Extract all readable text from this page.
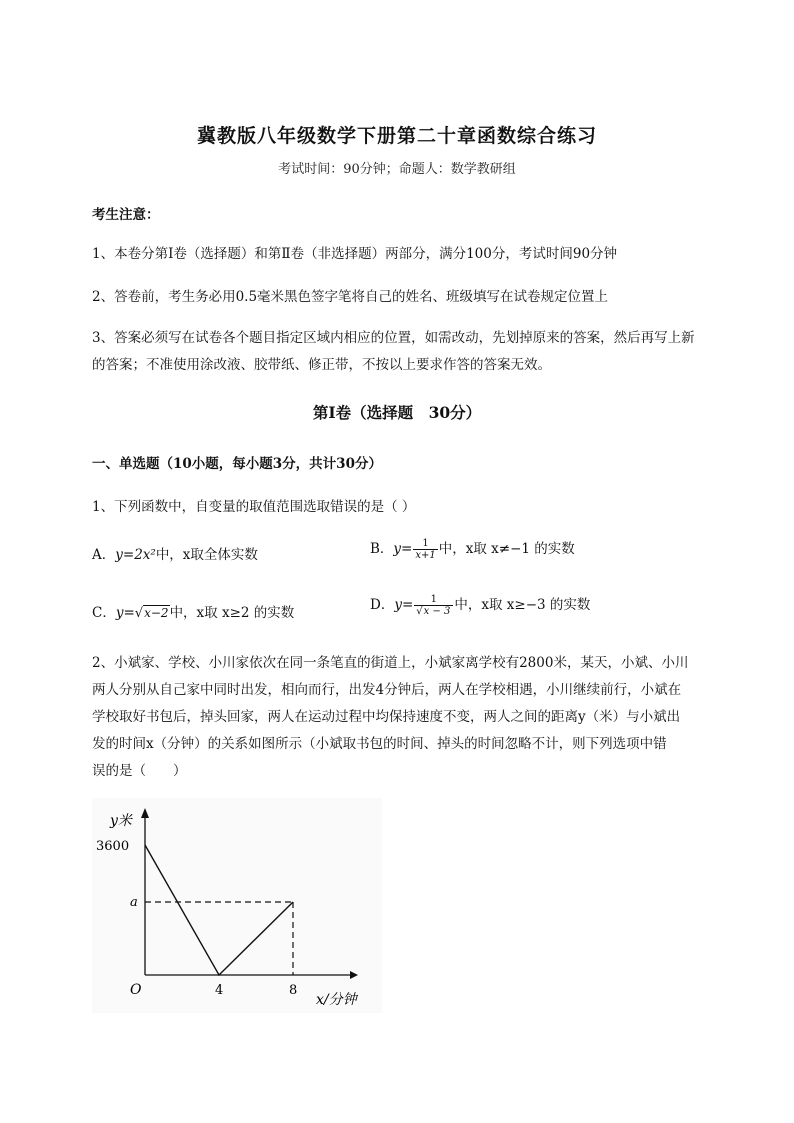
冀教版八年级数学下册第二十章函数综合练习
考试时间：90分钟；命题人：数学教研组
考生注意：
1、本卷分第Ⅰ卷（选择题）和第Ⅱ卷（非选择题）两部分，满分100分，考试时间90分钟
2、答卷前，考生务必用0.5毫米黑色签字笔将自己的姓名、班级填写在试卷规定位置上
3、答案必须写在试卷各个题目指定区域内相应的位置，如需改动，先划掉原来的答案，然后再写上新
的答案；不准使用涂改液、胶带纸、修正带，不按以上要求作答的答案无效。
第Ⅰ卷（选择题　30分）
一、单选题（10小题，每小题3分，共计30分）
1、下列函数中，自变量的取值范围选取错误的是（ ）
A．y=2x²中，x取全体实数	B．$y= \frac{1}{x+1}$ 中，x取 x≠−1 的实数
C．y=√x−2中，x取 x≥2 的实数	D．$y= \frac{1}{√x - 3}$ 中，x取 x≥−3 的实数
2、小斌家、学校、小川家依次在同一条笔直的街道上，小斌家离学校有2800米，某天，小斌、小川
两人分别从自己家中同时出发，相向而行，出发4分钟后，两人在学校相遇，小川继续前行，小斌在
学校取好书包后，掉头回家，两人在运动过程中均保持速度不变，两人之间的距离y（米）与小斌出
发的时间x（分钟）的关系如图所示（小斌取书包的时间、掉头的时间忽略不计，则下列选项中错
误的是（　　）
4	8
3600
a
y米
x/分钟
O
